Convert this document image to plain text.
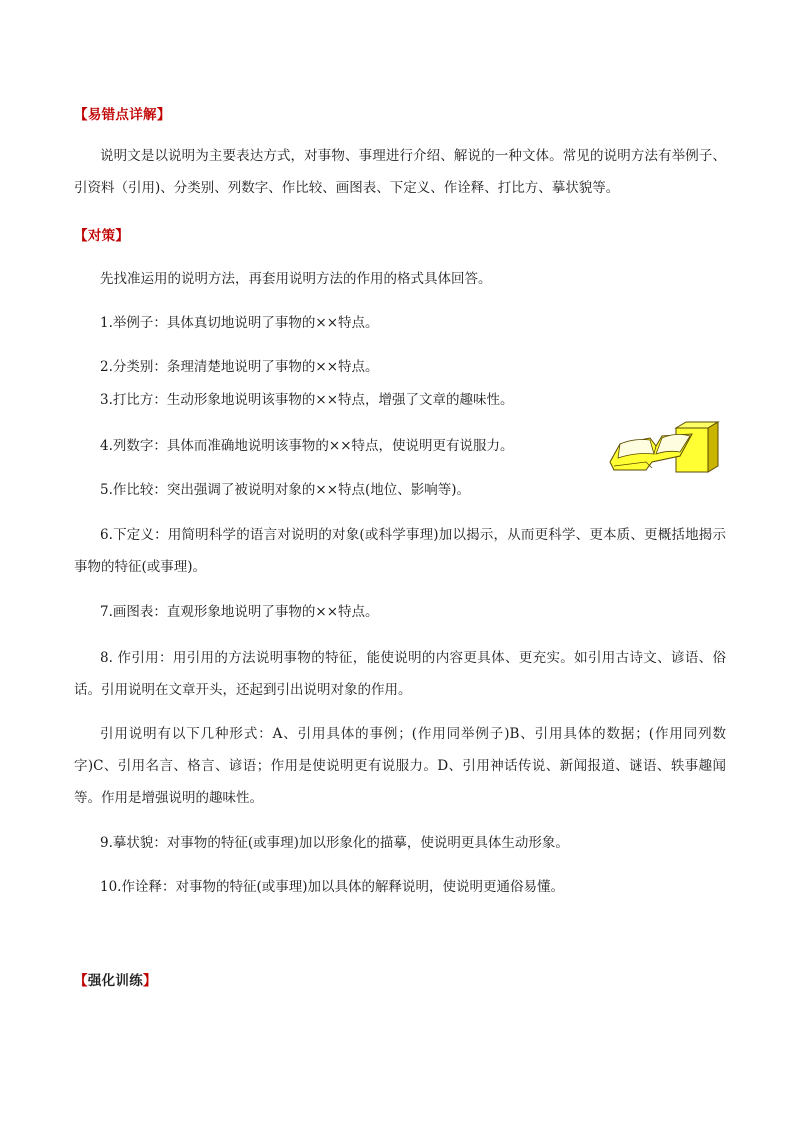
【易错点详解】

说明文是以说明为主要表达方式，对事物、事理进行介绍、解说的一种文体。常见的说明方法有举例子、引资料（引用)、分类别、列数字、作比较、画图表、下定义、作诠释、打比方、摹状貌等。

【对策】

先找准运用的说明方法，再套用说明方法的作用的格式具体回答。

1.举例子：具体真切地说明了事物的××特点。

2.分类别：条理清楚地说明了事物的××特点。

3.打比方：生动形象地说明该事物的××特点，增强了文章的趣味性。

4.列数字：具体而准确地说明该事物的××特点，使说明更有说服力。

5.作比较：突出强调了被说明对象的××特点(地位、影响等)。

6.下定义：用简明科学的语言对说明的对象(或科学事理)加以揭示，从而更科学、更本质、更概括地揭示事物的特征(或事理)。

7.画图表：直观形象地说明了事物的××特点。

8. 作引用：用引用的方法说明事物的特征，能使说明的内容更具体、更充实。如引用古诗文、谚语、俗话。引用说明在文章开头，还起到引出说明对象的作用。

引用说明有以下几种形式：A、引用具体的事例；(作用同举例子)B、引用具体的数据；(作用同列数字)C、引用名言、格言、谚语；作用是使说明更有说服力。D、引用神话传说、新闻报道、谜语、轶事趣闻等。作用是增强说明的趣味性。

9.摹状貌：对事物的特征(或事理)加以形象化的描摹，使说明更具体生动形象。

10.作诠释：对事物的特征(或事理)加以具体的解释说明，使说明更通俗易懂。

【强化训练】
